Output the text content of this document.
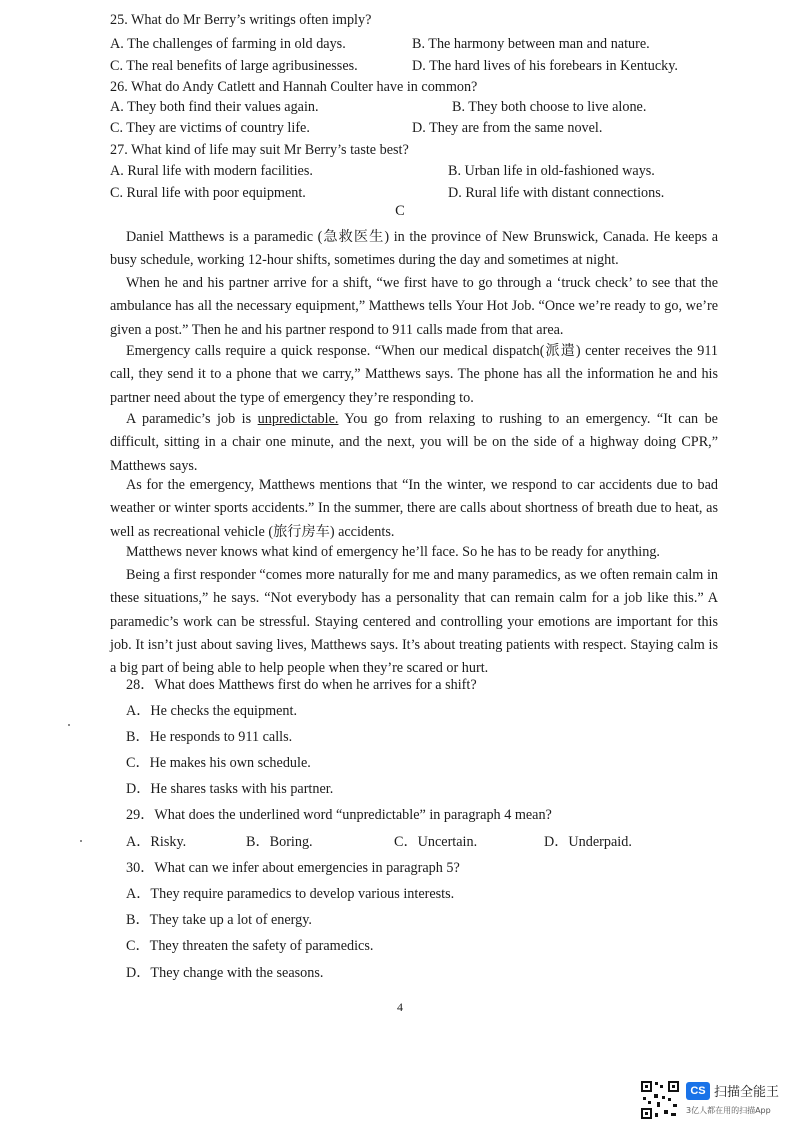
25. What do Mr Berry’s writings often imply?
A. The challenges of farming in old days.	B. The harmony between man and nature.
C. The real benefits of large agribusinesses.	D. The hard lives of his forebears in Kentucky.
26. What do Andy Catlett and Hannah Coulter have in common?
A. They both find their values again.	B. They both choose to live alone.
C. They are victims of country life.	D. They are from the same novel.
27. What kind of life may suit Mr Berry’s taste best?
A. Rural life with modern facilities.	B. Urban life in old-fashioned ways.
C. Rural life with poor equipment.	D. Rural life with distant connections.
C
Daniel Matthews is a paramedic (急救医生) in the province of New Brunswick, Canada. He keeps a busy schedule, working 12-hour shifts, sometimes during the day and sometimes at night.
When he and his partner arrive for a shift, “we first have to go through a ‘truck check’ to see that the ambulance has all the necessary equipment,” Matthews tells Your Hot Job. “Once we’re ready to go, we’re given a post.” Then he and his partner respond to 911 calls made from that area.
Emergency calls require a quick response. “When our medical dispatch(派遣) center receives the 911 call, they send it to a phone that we carry,” Matthews says. The phone has all the information he and his partner need about the type of emergency they’re responding to.
A paramedic’s job is unpredictable. You go from relaxing to rushing to an emergency. “It can be difficult, sitting in a chair one minute, and the next, you will be on the side of a highway doing CPR,” Matthews says.
As for the emergency, Matthews mentions that “In the winter, we respond to car accidents due to bad weather or winter sports accidents.” In the summer, there are calls about shortness of breath due to heat, as well as recreational vehicle (旅行房车) accidents.
Matthews never knows what kind of emergency he’ll face. So he has to be ready for anything.
Being a first responder “comes more naturally for me and many paramedics, as we often remain calm in these situations,” he says. “Not everybody has a personality that can remain calm for a job like this.” A paramedic’s work can be stressful. Staying centered and controlling your emotions are important for this job. It isn’t just about saving lives, Matthews says. It’s about treating patients with respect. Staying calm is a big part of being able to help people when they’re scared or hurt.
28．What does Matthews first do when he arrives for a shift?
A．He checks the equipment.
B．He responds to 911 calls.
C．He makes his own schedule.
D．He shares tasks with his partner.
29．What does the underlined word “unpredictable” in paragraph 4 mean?
A．Risky.	B．Boring.	C．Uncertain.	D．Underpaid.
30．What can we infer about emergencies in paragraph 5?
A．They require paramedics to develop various interests.
B．They take up a lot of energy.
C．They threaten the safety of paramedics.
D．They change with the seasons.
4
CS 扫描全能王
3亿人都在用的扫描App
